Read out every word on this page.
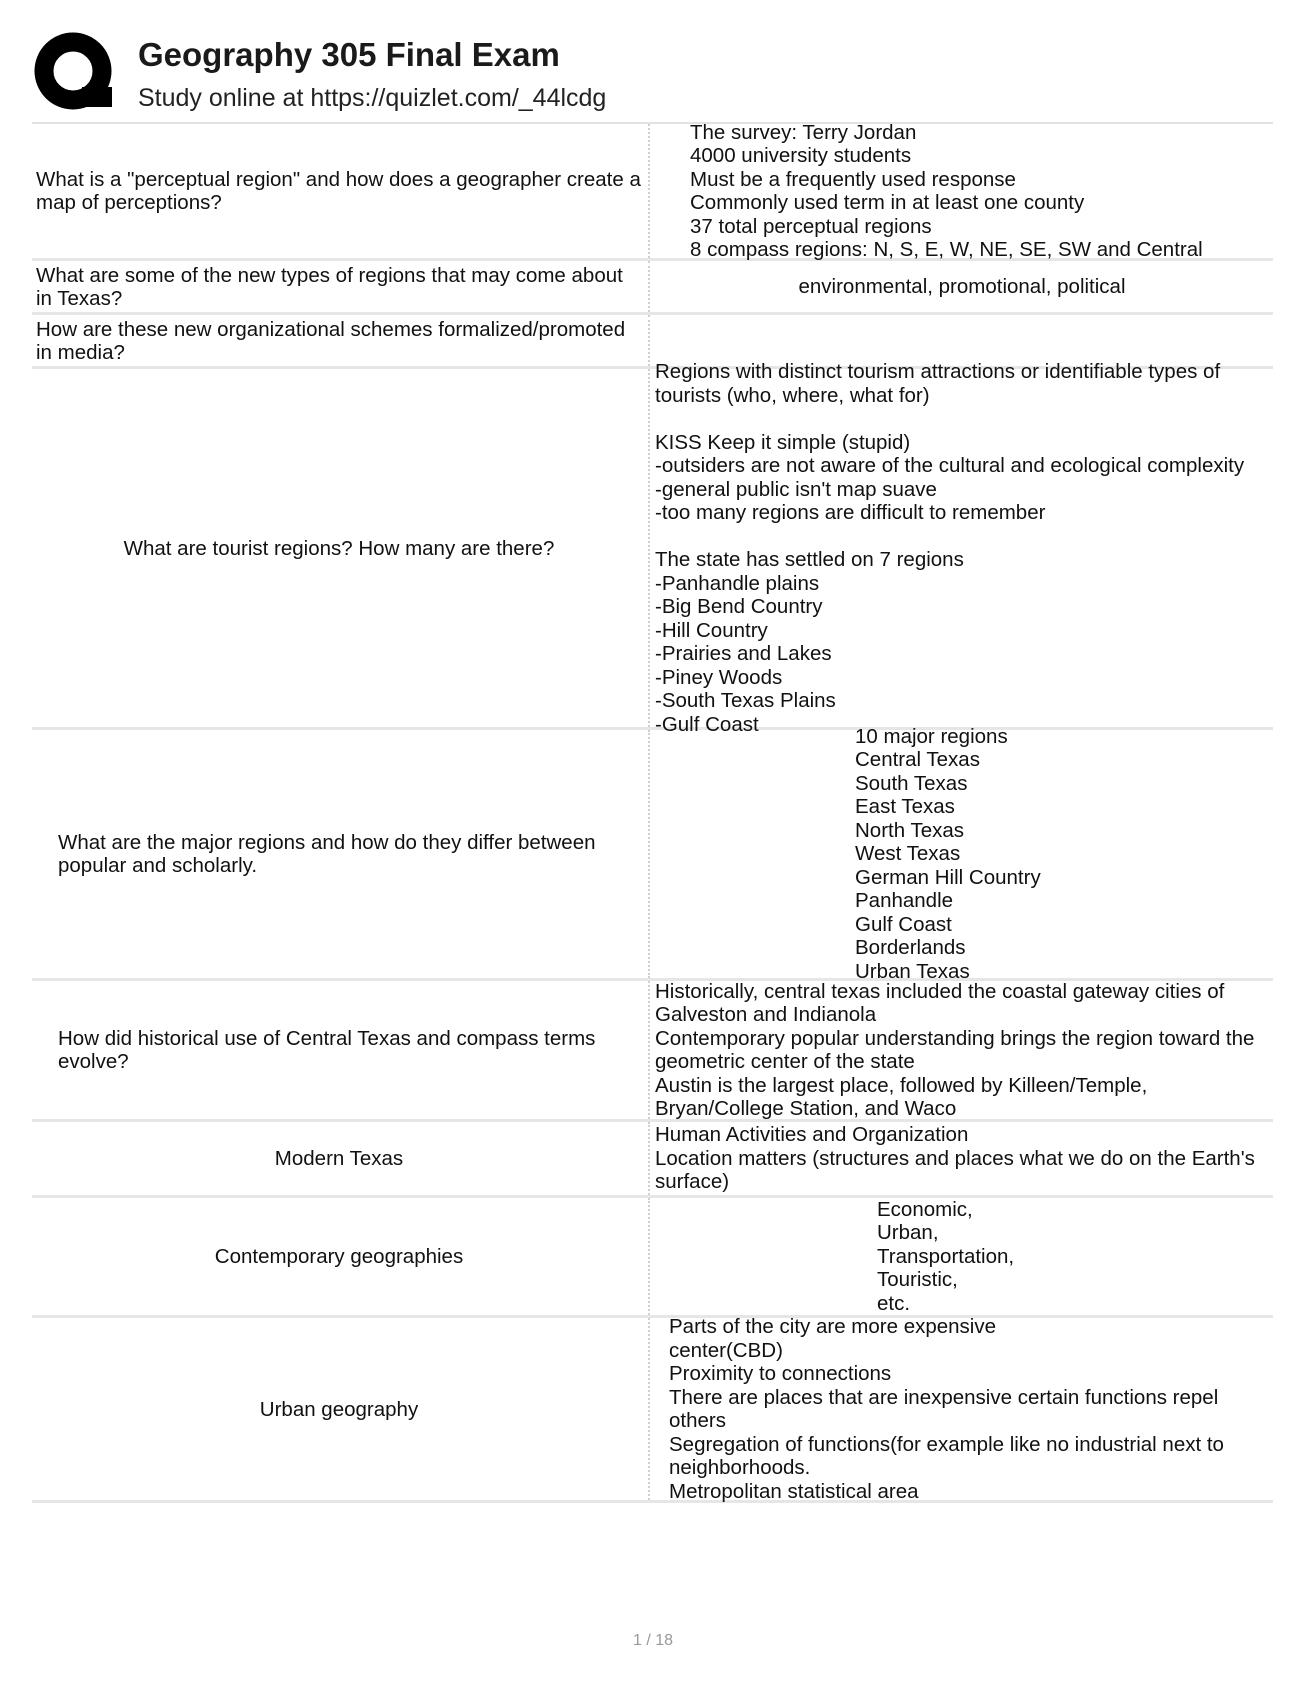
Geography 305 Final Exam
Study online at https://quizlet.com/_44lcdg
What is a "perceptual region" and how does a geographer create a map of perceptions?
The survey: Terry Jordan
4000 university students
Must be a frequently used response
Commonly used term in at least one county
37 total perceptual regions
8 compass regions: N, S, E, W, NE, SE, SW and Central
What are some of the new types of regions that may come about in Texas?
environmental, promotional, political
How are these new organizational schemes formalized/promoted in media?
What are tourist regions? How many are there?
Regions with distinct tourism attractions or identifiable types of tourists (who, where, what for)
KISS Keep it simple (stupid)
-outsiders are not aware of the cultural and ecological complexity
-general public isn't map suave
-too many regions are difficult to remember
The state has settled on 7 regions
-Panhandle plains
-Big Bend Country
-Hill Country
-Prairies and Lakes
-Piney Woods
-South Texas Plains
-Gulf Coast
What are the major regions and how do they differ between popular and scholarly.
10 major regions
Central Texas
South Texas
East Texas
North Texas
West Texas
German Hill Country
Panhandle
Gulf Coast
Borderlands
Urban Texas
How did historical use of Central Texas and compass terms evolve?
Historically, central texas included the coastal gateway cities of Galveston and Indianola
Contemporary popular understanding brings the region toward the geometric center of the state
Austin is the largest place, followed by Killeen/Temple, Bryan/College Station, and Waco
Modern Texas
Human Activities and Organization
Location matters (structures and places what we do on the Earth's surface)
Contemporary geographies
Economic,
Urban,
Transportation,
Touristic,
etc.
Urban geography
Parts of the city are more expensive
center(CBD)
Proximity to connections
There are places that are inexpensive certain functions repel others
Segregation of functions(for example like no industrial next to neighborhoods.
Metropolitan statistical area
1 / 18
